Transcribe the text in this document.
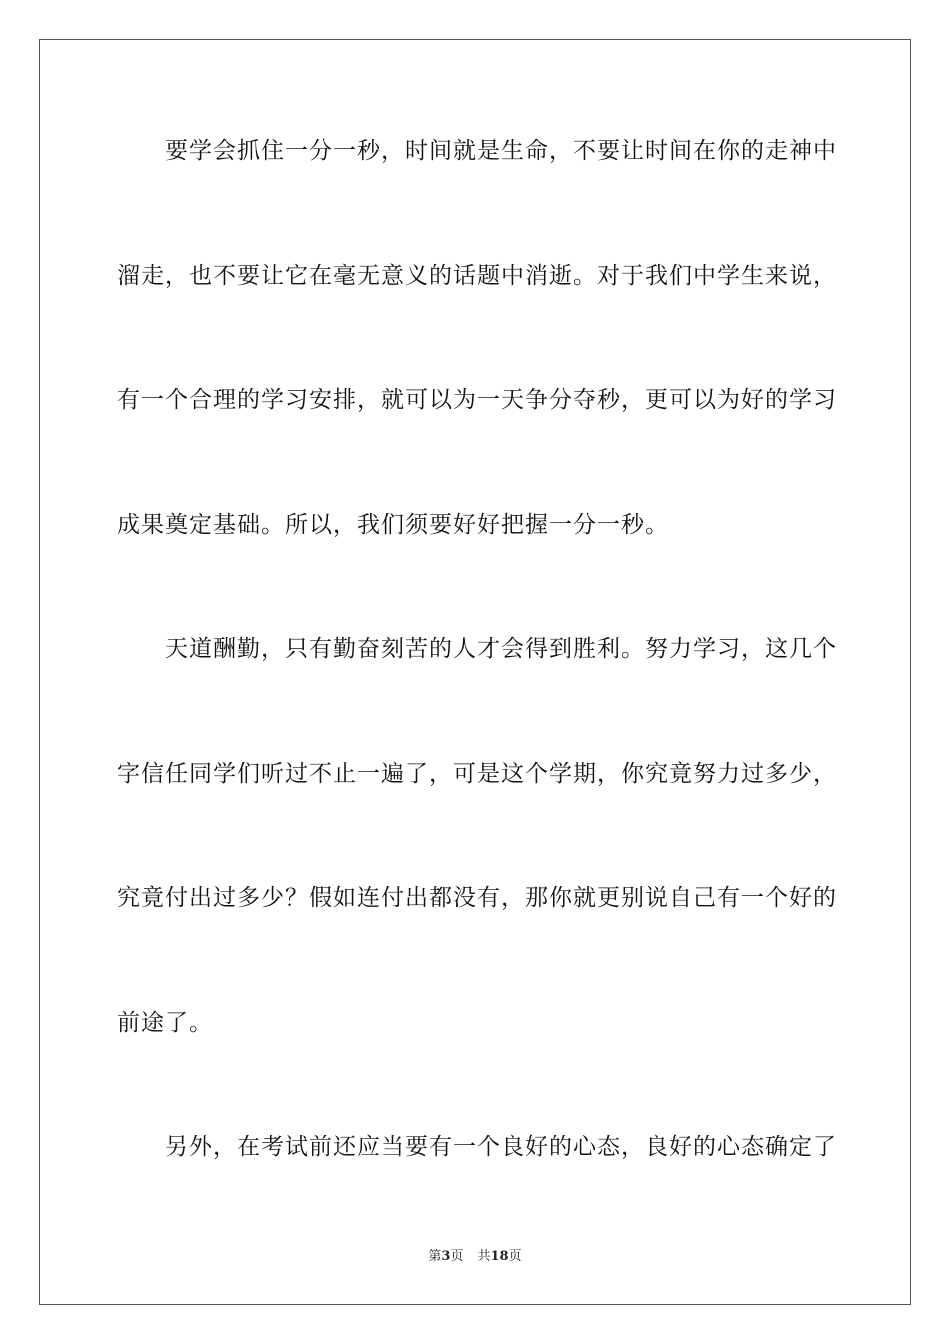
要学会抓住一分一秒，时间就是生命，不要让时间在你的走神中
溜走，也不要让它在毫无意义的话题中消逝。对于我们中学生来说，
有一个合理的学习安排，就可以为一天争分夺秒，更可以为好的学习
成果奠定基础。所以，我们须要好好把握一分一秒。
天道酬勤，只有勤奋刻苦的人才会得到胜利。努力学习，这几个
字信任同学们听过不止一遍了，可是这个学期，你究竟努力过多少，
究竟付出过多少？假如连付出都没有，那你就更别说自己有一个好的
前途了。
另外，在考试前还应当要有一个良好的心态，良好的心态确定了
第3页 共18页
